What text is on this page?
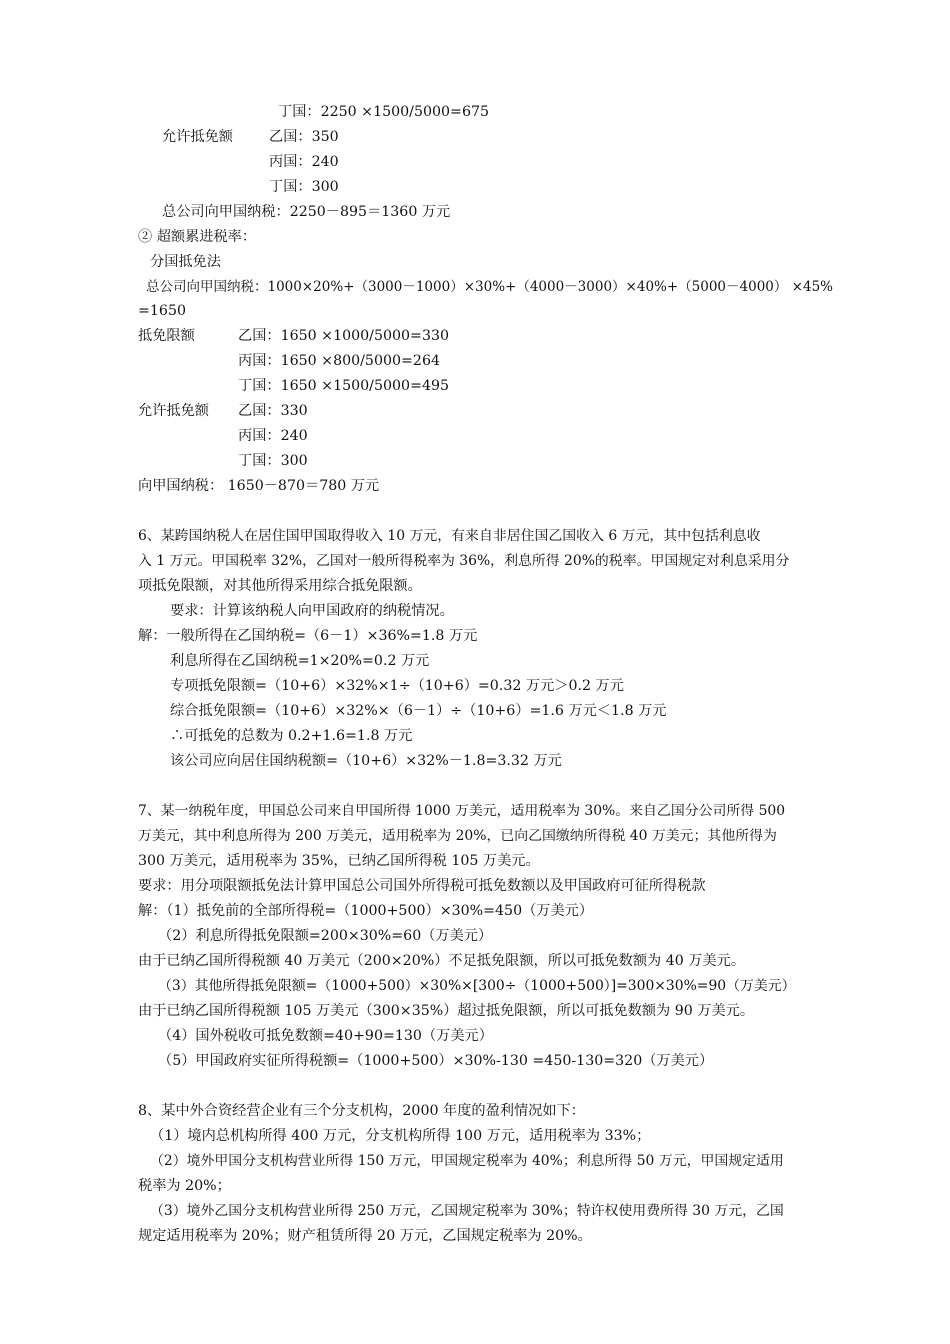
丁国：2250 ×1500/5000=675
允许抵免额	乙国：350
丙国：240
丁国：300
总公司向甲国纳税：2250－895＝1360 万元
② 超额累进税率：
分国抵免法
总公司向甲国纳税：1000×20%+（3000－1000）×30%+（4000－3000）×40%+（5000－4000） ×45%
=1650
抵免限额	乙国：1650 ×1000/5000=330
丙国：1650 ×800/5000=264
丁国：1650 ×1500/5000=495
允许抵免额 乙国：330
丙国：240
丁国：300
向甲国纳税： 1650－870＝780 万元
6、某跨国纳税人在居住国甲国取得收入 10 万元，有来自非居住国乙国收入 6 万元，其中包括利息收
入 1 万元。甲国税率 32%，乙国对一般所得税率为 36%，利息所得 20%的税率。甲国规定对利息采用分
项抵免限额，对其他所得采用综合抵免限额。
要求：计算该纳税人向甲国政府的纳税情况。
解：一般所得在乙国纳税=（6－1）×36%=1.8 万元
利息所得在乙国纳税=1×20%=0.2 万元
专项抵免限额=（10+6）×32%×1÷（10+6）=0.32 万元＞0.2 万元
综合抵免限额=（10+6）×32%×（6－1）÷（10+6）=1.6 万元＜1.8 万元
∴可抵免的总数为 0.2+1.6=1.8 万元
该公司应向居住国纳税额=（10+6）×32%－1.8=3.32 万元
7、某一纳税年度，甲国总公司来自甲国所得 1000 万美元，适用税率为 30%。来自乙国分公司所得 500
万美元，其中利息所得为 200 万美元，适用税率为 20%，已向乙国缴纳所得税 40 万美元；其他所得为
300 万美元，适用税率为 35%，已纳乙国所得税 105 万美元。
要求：用分项限额抵免法计算甲国总公司国外所得税可抵免数额以及甲国政府可征所得税款
解：（1）抵免前的全部所得税=（1000+500）×30%=450（万美元）
（2）利息所得抵免限额=200×30%=60（万美元）
由于已纳乙国所得税额 40 万美元（200×20%）不足抵免限额，所以可抵免数额为 40 万美元。
（3）其他所得抵免限额=（1000+500）×30%×[300÷（1000+500）]=300×30%=90（万美元）
由于已纳乙国所得税额 105 万美元（300×35%）超过抵免限额，所以可抵免数额为 90 万美元。
（4）国外税收可抵免数额=40+90=130（万美元）
（5）甲国政府实征所得税额=（1000+500）×30%-130 =450-130=320（万美元）
8、某中外合资经营企业有三个分支机构，2000 年度的盈利情况如下：
（1）境内总机构所得 400 万元，分支机构所得 100 万元，适用税率为 33%；
（2）境外甲国分支机构营业所得 150 万元，甲国规定税率为 40%；利息所得 50 万元，甲国规定适用
税率为 20%；
（3）境外乙国分支机构营业所得 250 万元，乙国规定税率为 30%；特许权使用费所得 30 万元，乙国
规定适用税率为 20%；财产租赁所得 20 万元，乙国规定税率为 20%。
